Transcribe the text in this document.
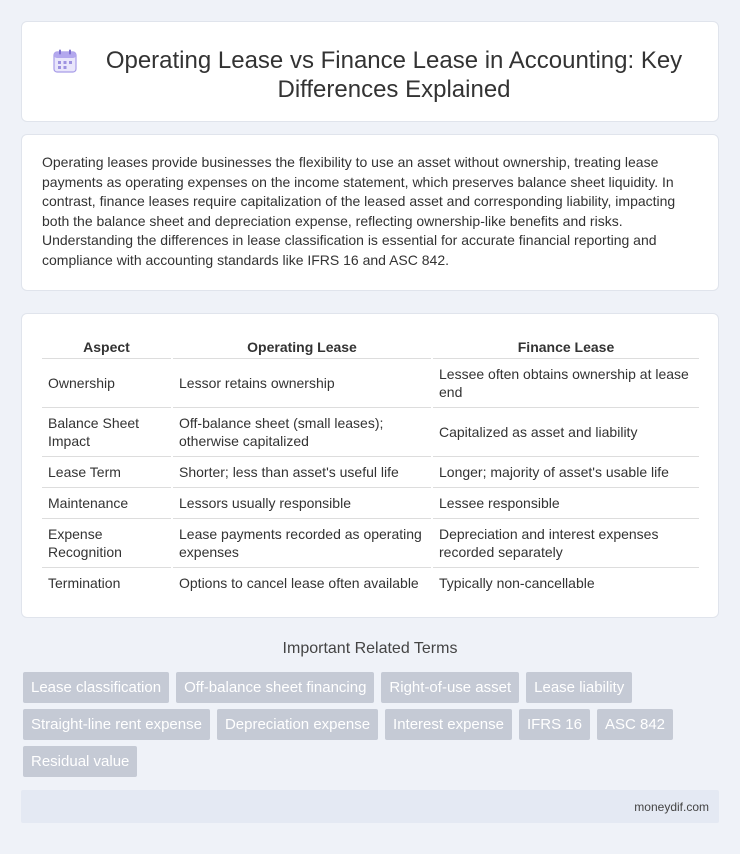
Operating Lease vs Finance Lease in Accounting: Key Differences Explained

Operating leases provide businesses the flexibility to use an asset without ownership, treating lease payments as operating expenses on the income statement, which preserves balance sheet liquidity. In contrast, finance leases require capitalization of the leased asset and corresponding liability, impacting both the balance sheet and depreciation expense, reflecting ownership-like benefits and risks. Understanding the differences in lease classification is essential for accurate financial reporting and compliance with accounting standards like IFRS 16 and ASC 842.

Aspect	Operating Lease	Finance Lease
Ownership	Lessor retains ownership	Lessee often obtains ownership at lease end
Balance Sheet Impact	Off-balance sheet (small leases); otherwise capitalized	Capitalized as asset and liability
Lease Term	Shorter; less than asset's useful life	Longer; majority of asset's usable life
Maintenance	Lessors usually responsible	Lessee responsible
Expense Recognition	Lease payments recorded as operating expenses	Depreciation and interest expenses recorded separately
Termination	Options to cancel lease often available	Typically non-cancellable
Important Related Terms
Lease classification	Off-balance sheet financing	Right-of-use asset	Lease liability
Straight-line rent expense	Depreciation expense	Interest expense	IFRS 16	ASC 842
Residual value
moneydif.com
